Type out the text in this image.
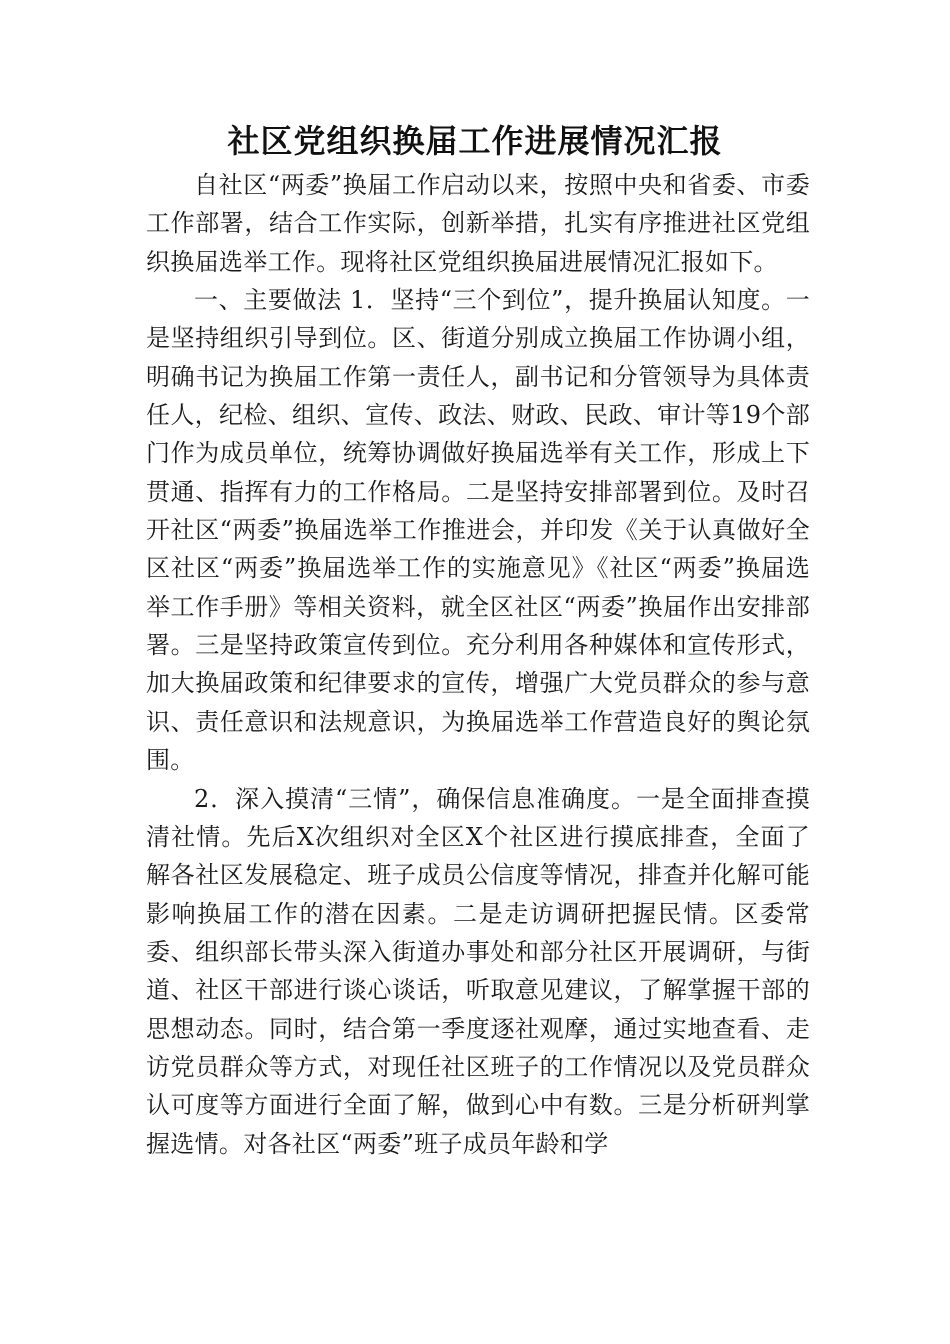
社区党组织换届工作进展情况汇报

自社区“两委”换届工作启动以来，按照中央和省委、市委工作部署，结合工作实际，创新举措，扎实有序推进社区党组织换届选举工作。现将社区党组织换届进展情况汇报如下。

一、主要做法 1．坚持“三个到位”，提升换届认知度。一是坚持组织引导到位。区、街道分别成立换届工作协调小组，明确书记为换届工作第一责任人，副书记和分管领导为具体责任人，纪检、组织、宣传、政法、财政、民政、审计等19个部门作为成员单位，统筹协调做好换届选举有关工作，形成上下贯通、指挥有力的工作格局。二是坚持安排部署到位。及时召开社区“两委”换届选举工作推进会，并印发《关于认真做好全区社区“两委”换届选举工作的实施意见》《社区“两委”换届选举工作手册》等相关资料，就全区社区“两委”换届作出安排部署。三是坚持政策宣传到位。充分利用各种媒体和宣传形式，加大换届政策和纪律要求的宣传，增强广大党员群众的参与意识、责任意识和法规意识，为换届选举工作营造良好的舆论氛围。

2．深入摸清“三情”，确保信息准确度。一是全面排查摸清社情。先后X次组织对全区X个社区进行摸底排查，全面了解各社区发展稳定、班子成员公信度等情况，排查并化解可能影响换届工作的潜在因素。二是走访调研把握民情。区委常委、组织部长带头深入街道办事处和部分社区开展调研，与街道、社区干部进行谈心谈话，听取意见建议，了解掌握干部的思想动态。同时，结合第一季度逐社观摩，通过实地查看、走访党员群众等方式，对现任社区班子的工作情况以及党员群众认可度等方面进行全面了解，做到心中有数。三是分析研判掌握选情。对各社区“两委”班子成员年龄和学
